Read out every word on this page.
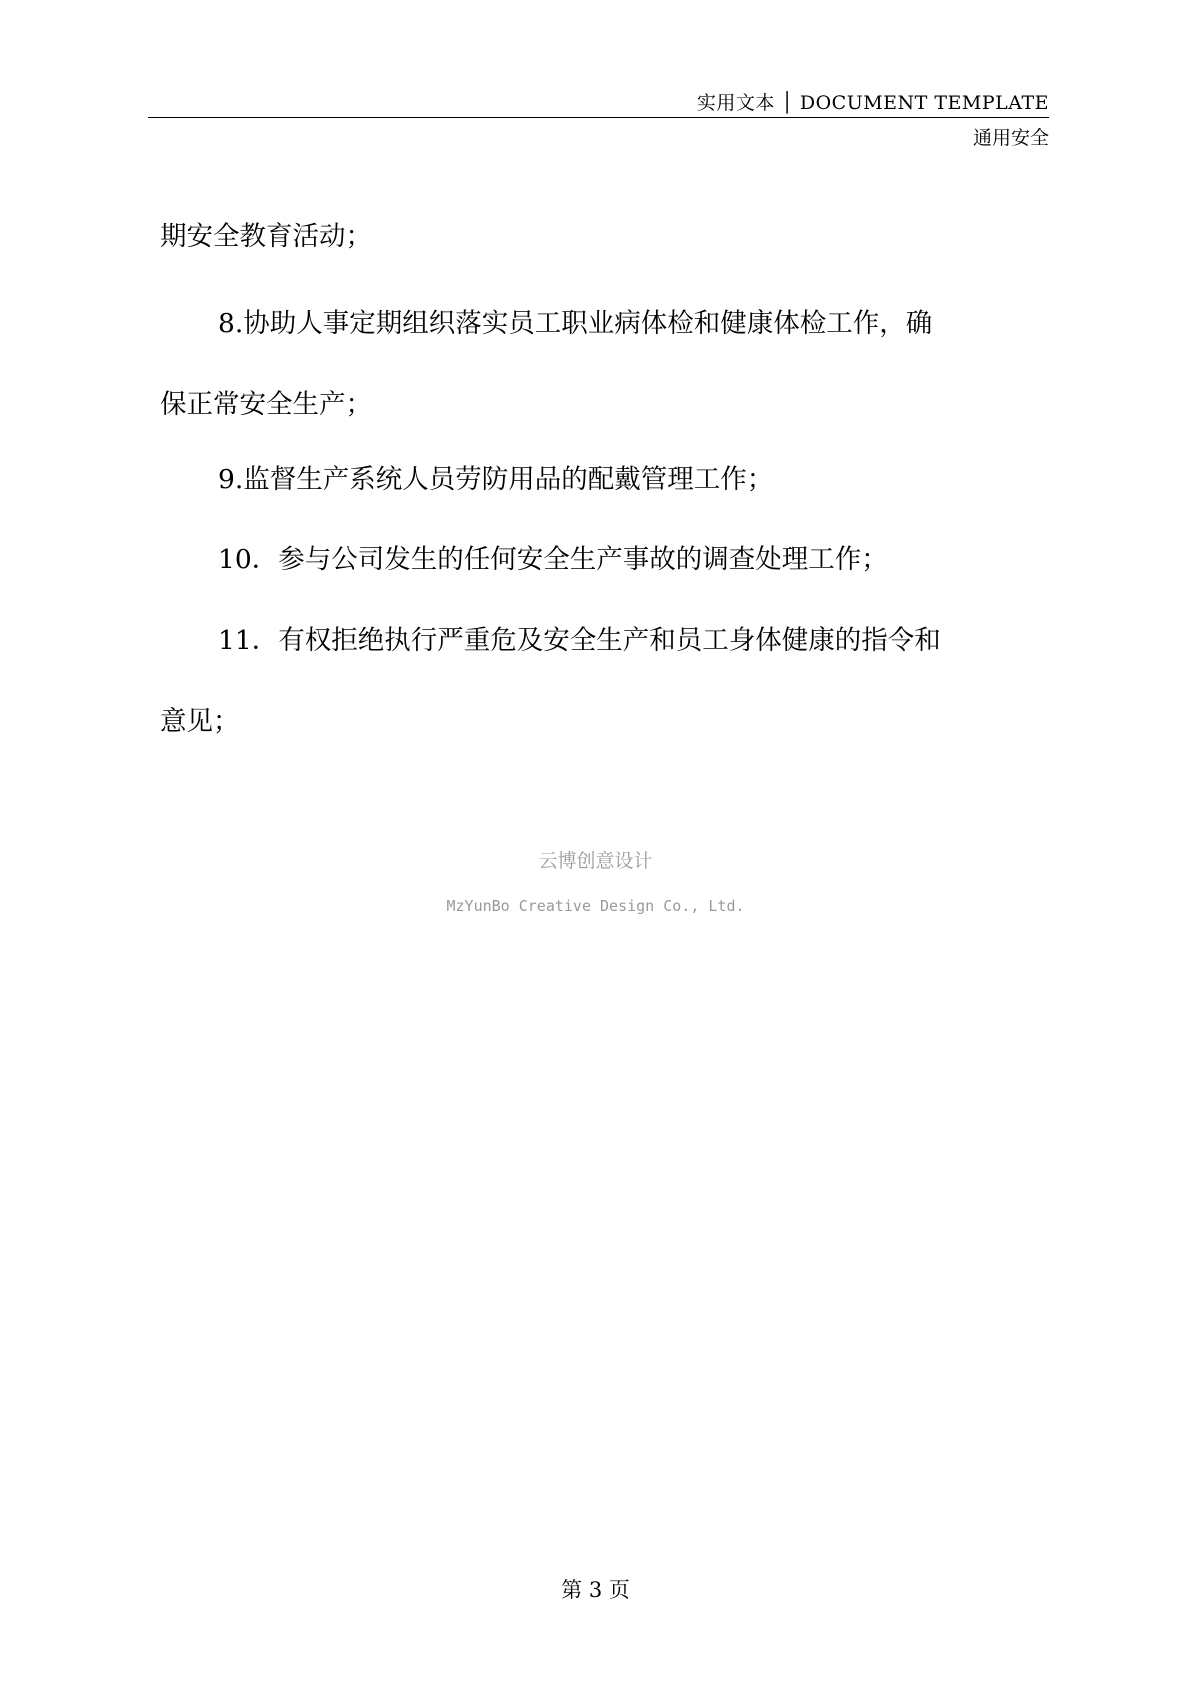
实用文本 │ DOCUMENT TEMPLATE
通用安全
期安全教育活动；
8.协助人事定期组织落实员工职业病体检和健康体检工作，确
保正常安全生产；
9.监督生产系统人员劳防用品的配戴管理工作；
10．参与公司发生的任何安全生产事故的调查处理工作；
11．有权拒绝执行严重危及安全生产和员工身体健康的指令和
意见；
云博创意设计
MzYunBo Creative Design Co., Ltd.
第 3 页
